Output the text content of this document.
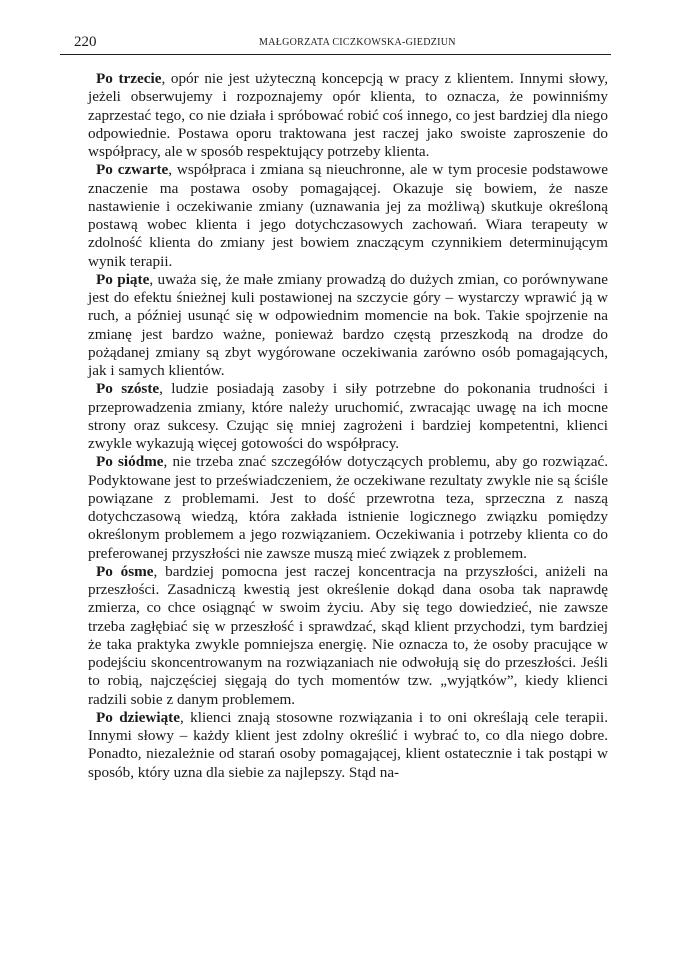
220	MAŁGORZATA CICZKOWSKA-GIEDZIUN

Po trzecie, opór nie jest użyteczną koncepcją w pracy z klientem. Innymi słowy, jeżeli obserwujemy i rozpoznajemy opór klienta, to oznacza, że powinniśmy zaprzestać tego, co nie działa i spróbować robić coś innego, co jest bardziej dla niego odpowiednie. Postawa oporu traktowana jest raczej jako swoiste zaproszenie do współpracy, ale w sposób respektujący potrzeby klienta.

Po czwarte, współpraca i zmiana są nieuchronne, ale w tym procesie podstawowe znaczenie ma postawa osoby pomagającej. Okazuje się bowiem, że nasze nastawienie i oczekiwanie zmiany (uznawania jej za możliwą) skutkuje określoną postawą wobec klienta i jego dotychczasowych zachowań. Wiara terapeuty w zdolność klienta do zmiany jest bowiem znaczącym czynnikiem determinującym wynik terapii.

Po piąte, uważa się, że małe zmiany prowadzą do dużych zmian, co porównywane jest do efektu śnieżnej kuli postawionej na szczycie góry – wystarczy wprawić ją w ruch, a później usunąć się w odpowiednim momencie na bok. Takie spojrzenie na zmianę jest bardzo ważne, ponieważ bardzo częstą przeszkodą na drodze do pożądanej zmiany są zbyt wygórowane oczekiwania zarówno osób pomagających, jak i samych klientów.

Po szóste, ludzie posiadają zasoby i siły potrzebne do pokonania trudności i przeprowadzenia zmiany, które należy uruchomić, zwracając uwagę na ich mocne strony oraz sukcesy. Czując się mniej zagrożeni i bardziej kompetentni, klienci zwykle wykazują więcej gotowości do współpracy.

Po siódme, nie trzeba znać szczegółów dotyczących problemu, aby go rozwiązać. Podyktowane jest to przeświadczeniem, że oczekiwane rezultaty zwykle nie są ściśle powiązane z problemami. Jest to dość przewrotna teza, sprzeczna z naszą dotychczasową wiedzą, która zakłada istnienie logicznego związku pomiędzy określonym problemem a jego rozwiązaniem. Oczekiwania i potrzeby klienta co do preferowanej przyszłości nie zawsze muszą mieć związek z problemem.

Po ósme, bardziej pomocna jest raczej koncentracja na przyszłości, aniżeli na przeszłości. Zasadniczą kwestią jest określenie dokąd dana osoba tak naprawdę zmierza, co chce osiągnąć w swoim życiu. Aby się tego dowiedzieć, nie zawsze trzeba zagłębiać się w przeszłość i sprawdzać, skąd klient przychodzi, tym bardziej że taka praktyka zwykle pomniejsza energię. Nie oznacza to, że osoby pracujące w podejściu skoncentrowanym na rozwiązaniach nie odwołują się do przeszłości. Jeśli to robią, najczęściej sięgają do tych momentów tzw. „wyjątków”, kiedy klienci radzili sobie z danym problemem.

Po dziewiąte, klienci znają stosowne rozwiązania i to oni określają cele terapii. Innymi słowy – każdy klient jest zdolny określić i wybrać to, co dla niego dobre. Ponadto, niezależnie od starań osoby pomagającej, klient ostatecznie i tak postąpi w sposób, który uzna dla siebie za najlepszy. Stąd na-
